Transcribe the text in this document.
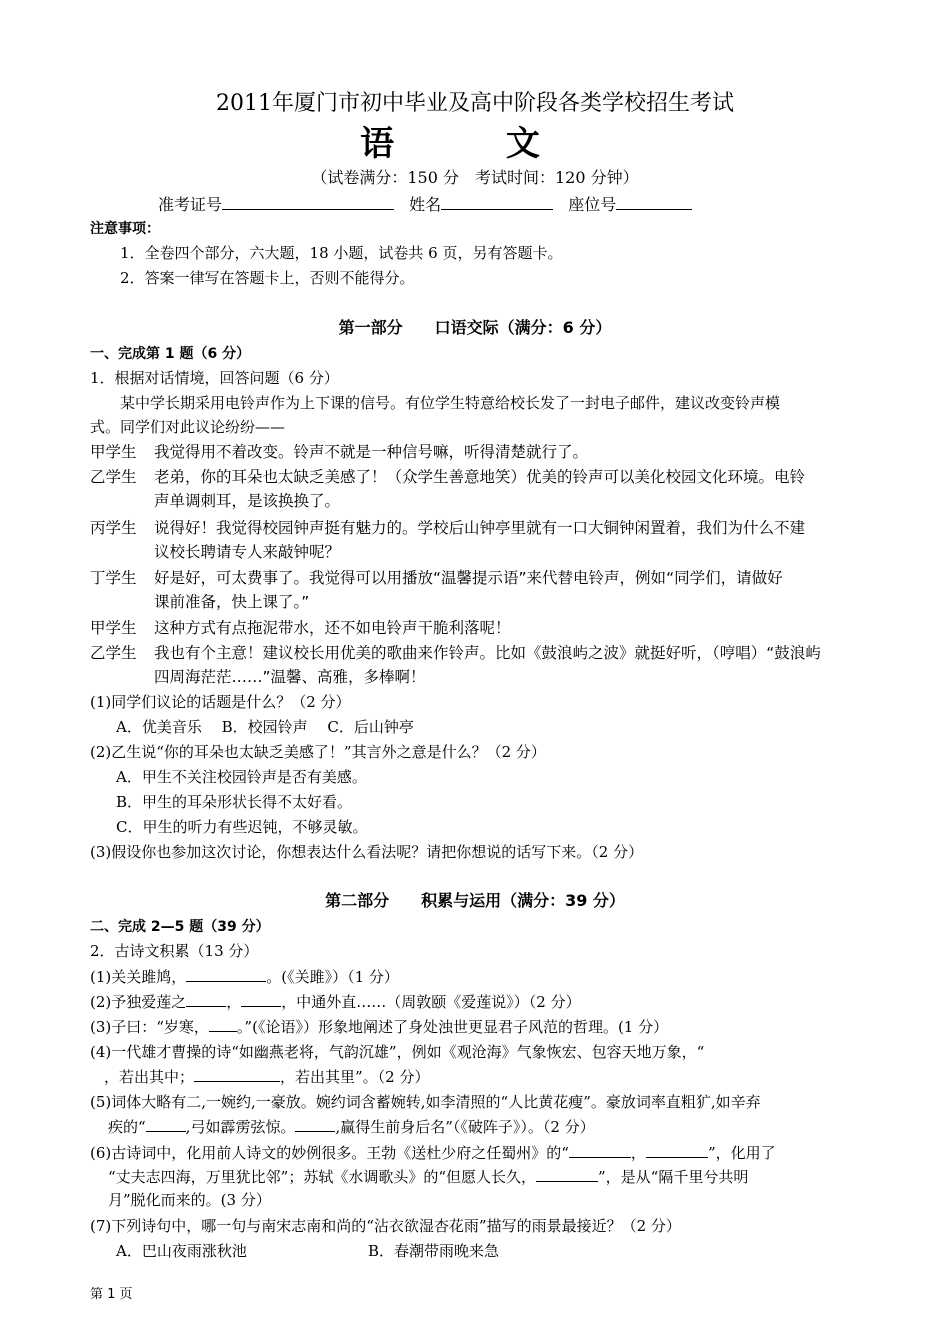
2011年厦门市初中毕业及高中阶段各类学校招生考试
语 文
（试卷满分：150 分　考试时间：120 分钟）
准考证号	姓名	座位号
注意事项：
1．全卷四个部分，六大题，18 小题，试卷共 6 页，另有答题卡。
2．答案一律写在答题卡上，否则不能得分。
第一部分　　口语交际（满分：6 分）
一、完成第 1 题（6 分）
1．根据对话情境，回答问题（6 分）
某中学长期采用电铃声作为上下课的信号。有位学生特意给校长发了一封电子邮件，建议改变铃声模
式。同学们对此议论纷纷——
甲学生 我觉得用不着改变。铃声不就是一种信号嘛，听得清楚就行了。
乙学生 老弟，你的耳朵也太缺乏美感了！（众学生善意地笑）优美的铃声可以美化校园文化环境。电铃
声单调刺耳，是该换换了。
丙学生 说得好！我觉得校园钟声挺有魅力的。学校后山钟亭里就有一口大铜钟闲置着，我们为什么不建
议校长聘请专人来敲钟呢？
丁学生 好是好，可太费事了。我觉得可以用播放“温馨提示语”来代替电铃声，例如“同学们，请做好
课前准备，快上课了。”
甲学生 这种方式有点拖泥带水，还不如电铃声干脆利落呢！
乙学生 我也有个主意！建议校长用优美的歌曲来作铃声。比如《鼓浪屿之波》就挺好听，（哼唱）“鼓浪屿
四周海茫茫……”温馨、高雅，多棒啊！
(1)同学们议论的话题是什么？（2 分）
A．优美音乐　 B．校园铃声　 C．后山钟亭
(2)乙生说“你的耳朵也太缺乏美感了！”其言外之意是什么？（2 分）
A．甲生不关注校园铃声是否有美感。
B．甲生的耳朵形状长得不太好看。
C．甲生的听力有些迟钝，不够灵敏。
(3)假设你也参加这次讨论，你想表达什么看法呢？请把你想说的话写下来。（2 分）
第二部分　　积累与运用（满分：39 分）
二、完成 2—5 题（39 分）
2．古诗文积累（13 分）
(1)关关雎鸠，	。(《关雎》）（1 分）
(2)予独爱莲之	，	，中通外直……（周敦颐《爱莲说》）（2 分）
(3)子曰：“岁寒， 。”(《论语》）形象地阐述了身处浊世更显君子风范的哲理。(1 分）
(4)一代雄才曹操的诗“如幽燕老将，气韵沉雄”，例如《观沧海》气象恢宏、包容天地万象，“
，若出其中；	，若出其里”。（2 分）
(5)词体大略有二,一婉约,一豪放。婉约词含蓄婉转,如李清照的“人比黄花瘦”。豪放词率直粗犷,如辛弃
疾的“	,弓如霹雳弦惊。	,赢得生前身后名”（《破阵子》）。（2 分）
(6)古诗词中，化用前人诗文的妙例很多。王勃《送杜少府之任蜀州》的“	，	”，化用了
“丈夫志四海，万里犹比邻”；苏轼《水调歌头》的“但愿人长久，	”，是从“隔千里兮共明
月”脱化而来的。(3 分）
(7)下列诗句中，哪一句与南宋志南和尚的“沾衣欲湿杏花雨”描写的雨景最接近？（2 分）
A．巴山夜雨涨秋池	B．春潮带雨晚来急
第 1 页
